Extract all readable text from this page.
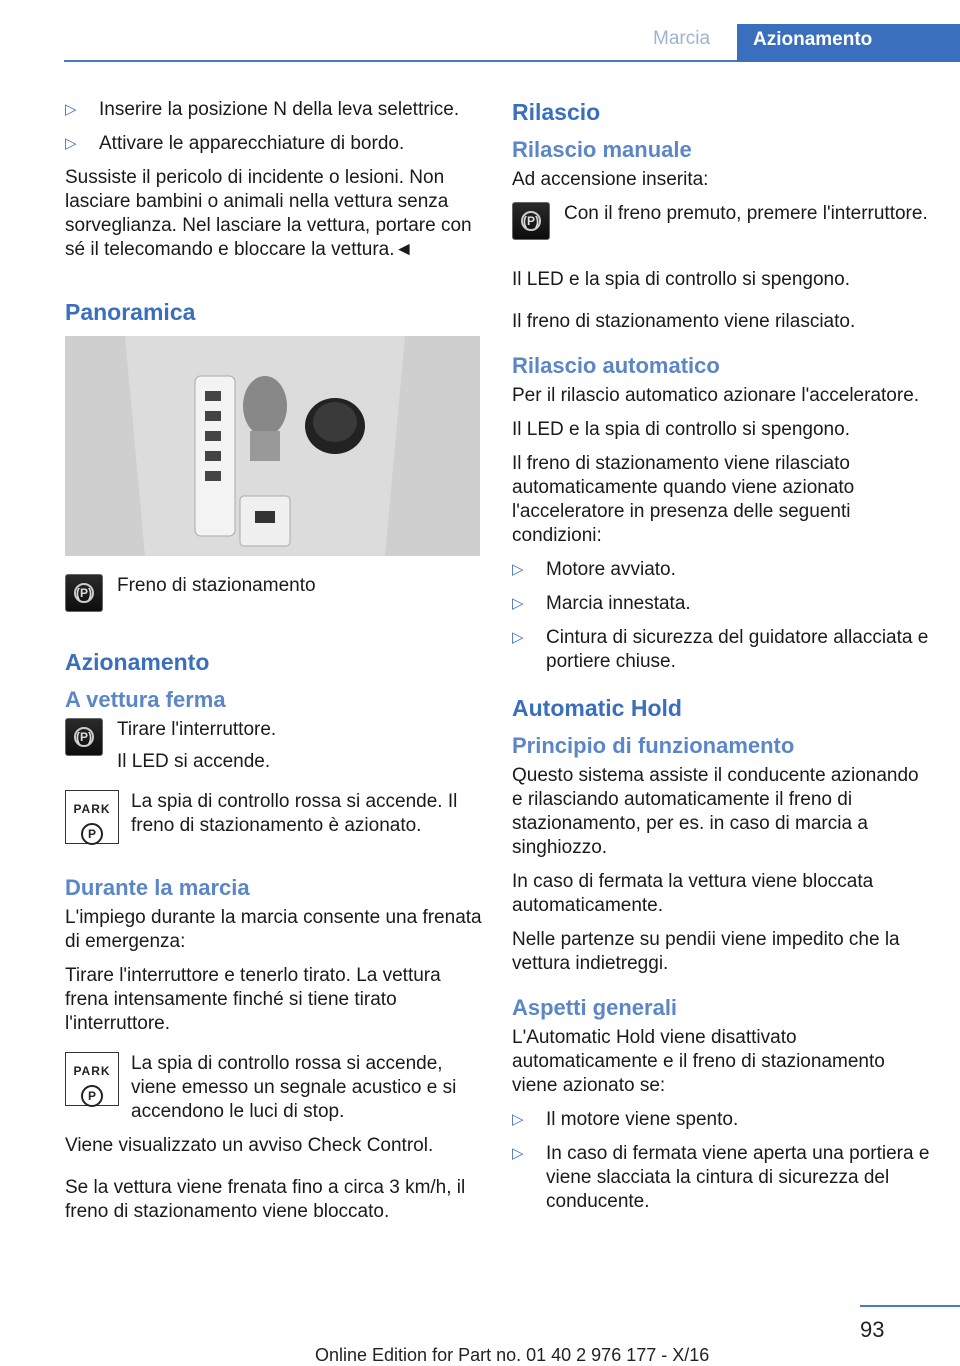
Marcia	Azionamento
▷ Inserire la posizione N della leva selettrice.
▷ Attivare le apparecchiature di bordo.

Sussiste il pericolo di incidente o lesioni. Non lasciare bambini o animali nella vettura senza sorveglianza. Nel lasciare la vettura, portare con sé il telecomando e bloccare la vettura.◄

Panoramica
(P)	Freno di stazionamento
Azionamento
A vettura ferma
(P) Tirare l'interruttore.

Il LED si accende.

PARK
P
La spia di controllo rossa si accende. Il freno di stazionamento è azionato.
Durante la marcia

L'impiego durante la marcia consente una frenata di emergenza:

Tirare l'interruttore e tenerlo tirato. La vettura frena intensamente finché si tiene tirato l'interruttore.

PARK
P
La spia di controllo rossa si accende, viene emesso un segnale acustico e si accendono le luci di stop.

Viene visualizzato un avviso Check Control.

Se la vettura viene frenata fino a circa 3 km/h, il freno di stazionamento viene bloccato.

Rilascio
Rilascio manuale

Ad accensione inserita:

(P)	Con il freno premuto, premere l'interruttore.

Il LED e la spia di controllo si spengono.

Il freno di stazionamento viene rilasciato.

Rilascio automatico

Per il rilascio automatico azionare l'acceleratore.

Il LED e la spia di controllo si spengono.

Il freno di stazionamento viene rilasciato automaticamente quando viene azionato l'acceleratore in presenza delle seguenti condizioni:

▷ Motore avviato.
▷ Marcia innestata.
▷ Cintura di sicurezza del guidatore allacciata e portiere chiuse.
Automatic Hold
Principio di funzionamento

Questo sistema assiste il conducente azionando e rilasciando automaticamente il freno di stazionamento, per es. in caso di marcia a singhiozzo.

In caso di fermata la vettura viene bloccata automaticamente.

Nelle partenze su pendii viene impedito che la vettura indietreggi.

Aspetti generali

L'Automatic Hold viene disattivato automaticamente e il freno di stazionamento viene azionato se:

▷ Il motore viene spento.
▷ In caso di fermata viene aperta una portiera e viene slacciata la cintura di sicurezza del conducente.
93
Online Edition for Part no. 01 40 2 976 177 - X/16
